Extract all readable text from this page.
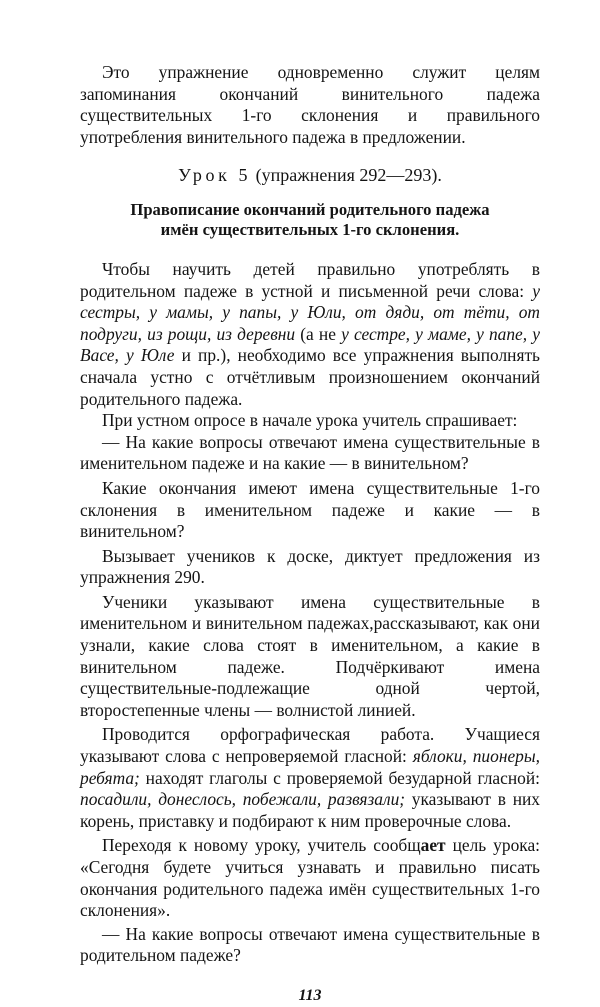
Это упражнение одновременно служит целям запоминания окончаний винительного падежа существительных 1-го склонения и правильного употребления винительного падежа в предложении.

Урок 5 (упражнения 292—293).

Правописание окончаний родительного падежа
имён существительных 1-го склонения.

Чтобы научить детей правильно употреблять в родительном падеже в устной и письменной речи слова: у сестры, у мамы, у папы, у Юли, от дяди, от тёти, от подруги, из рощи, из деревни (а не у сестре, у маме, у папе, у Васе, у Юле и пр.), необходимо все упражнения выполнять сначала устно с отчётливым произношением окончаний родительного падежа.

При устном опросе в начале урока учитель спрашивает:

— На какие вопросы отвечают имена существительные в именительном падеже и на какие — в винительном?

Какие окончания имеют имена существительные 1-го склонения в именительном падеже и какие — в винительном?

Вызывает учеников к доске, диктует предложения из упражнения 290.

Ученики указывают имена существительные в именительном и винительном падежах,рассказывают, как они узнали, какие слова стоят в именительном, а какие в винительном падеже. Подчёркивают имена существительные-подлежащие одной чертой, второстепенные члены — волнистой линией.

Проводится орфографическая работа. Учащиеся указывают слова с непроверяемой гласной: яблоки, пионеры, ребята; находят глаголы с проверяемой безударной гласной: посадили, донеслось, побежали, развязали; указывают в них корень, приставку и подбирают к ним проверочные слова.

Переходя к новому уроку, учитель сообщает цель урока: «Сегодня будете учиться узнавать и правильно писать окончания родительного падежа имён существительных 1-го склонения».

— На какие вопросы отвечают имена существительные в родительном падеже?

113
